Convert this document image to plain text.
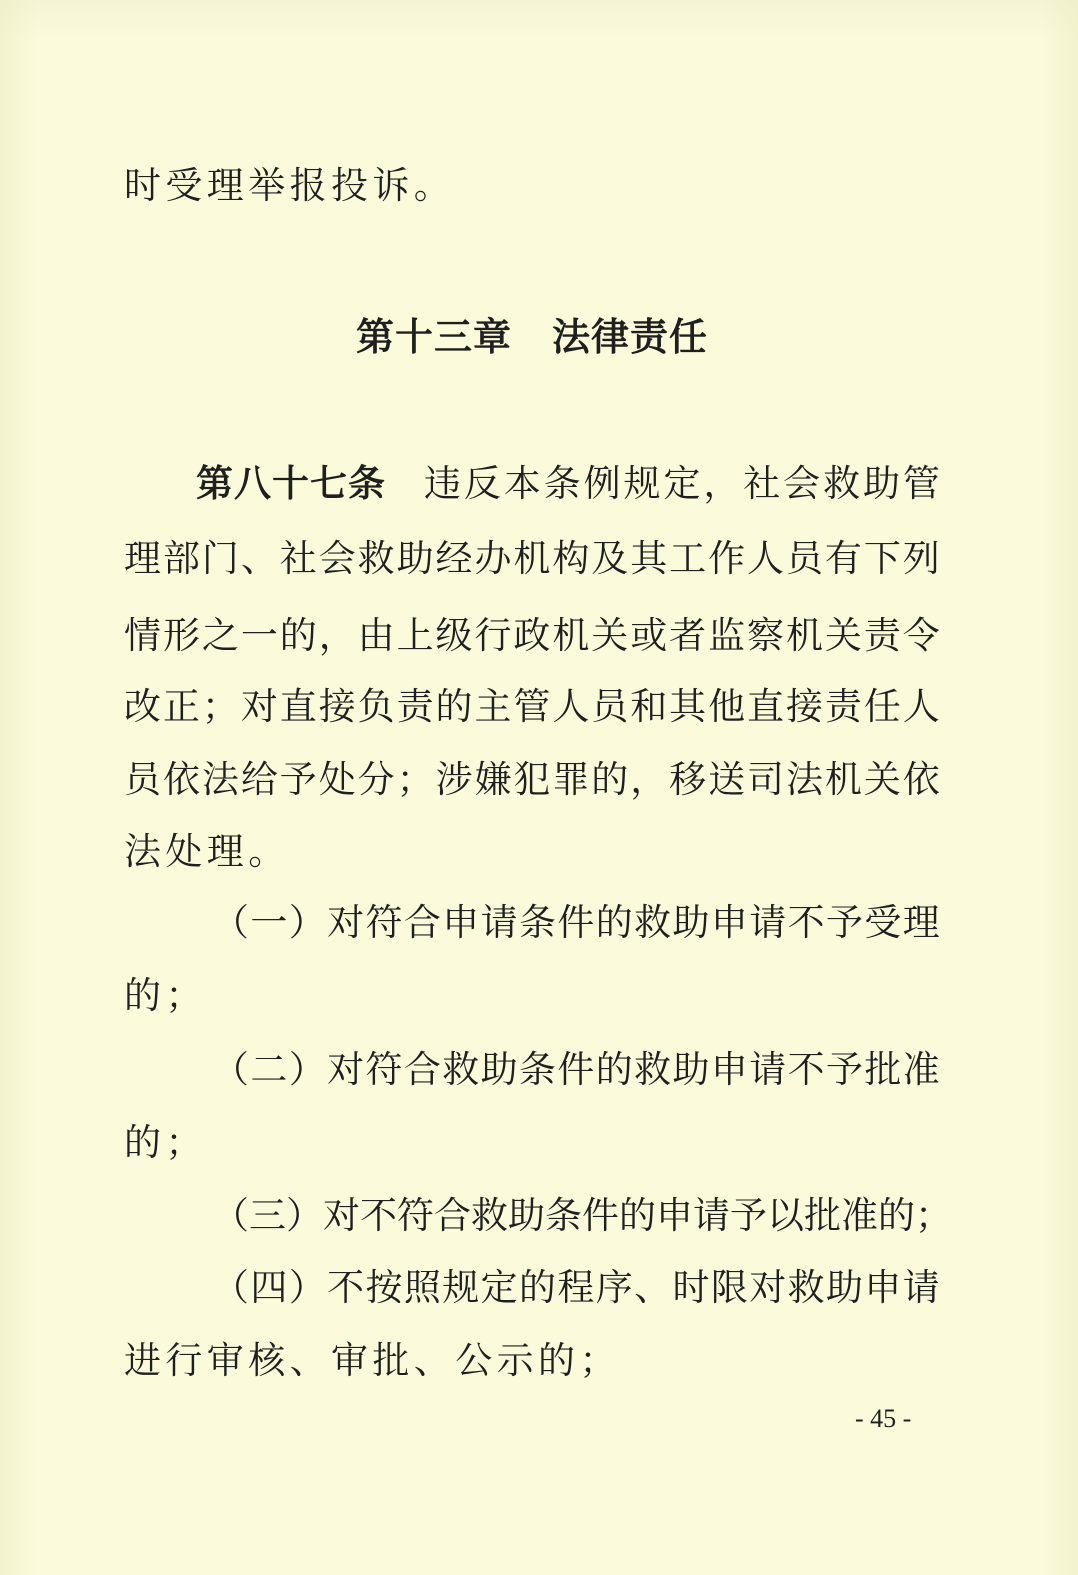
时受理举报投诉。
第十三章 法律责任
第八十七条 违 反 本 条 例 规 定 ， 社 会 救 助 管
理 部 门 、 社 会 救 助 经 办 机 构 及 其 工 作 人 员 有 下 列
情 形 之 一 的 ， 由 上 级 行 政 机 关 或 者 监 察 机 关 责 令
改 正 ； 对 直 接 负 责 的 主 管 人 员 和 其 他 直 接 责 任 人
员 依 法 给 予 处 分 ； 涉 嫌 犯 罪 的 ， 移 送 司 法 机 关 依
法处理。
（ 一 ） 对 符 合 申 请 条 件 的 救 助 申 请 不 予 受 理
的；
（ 二 ） 对 符 合 救 助 条 件 的 救 助 申 请 不 予 批 准
的；
（ 三 ） 对 不 符 合 救 助 条 件 的 申 请 予 以 批 准 的 ；
（ 四 ） 不 按 照 规 定 的 程 序 、 时 限 对 救 助 申 请
进行审核、审批、公示的；
- 45 -
